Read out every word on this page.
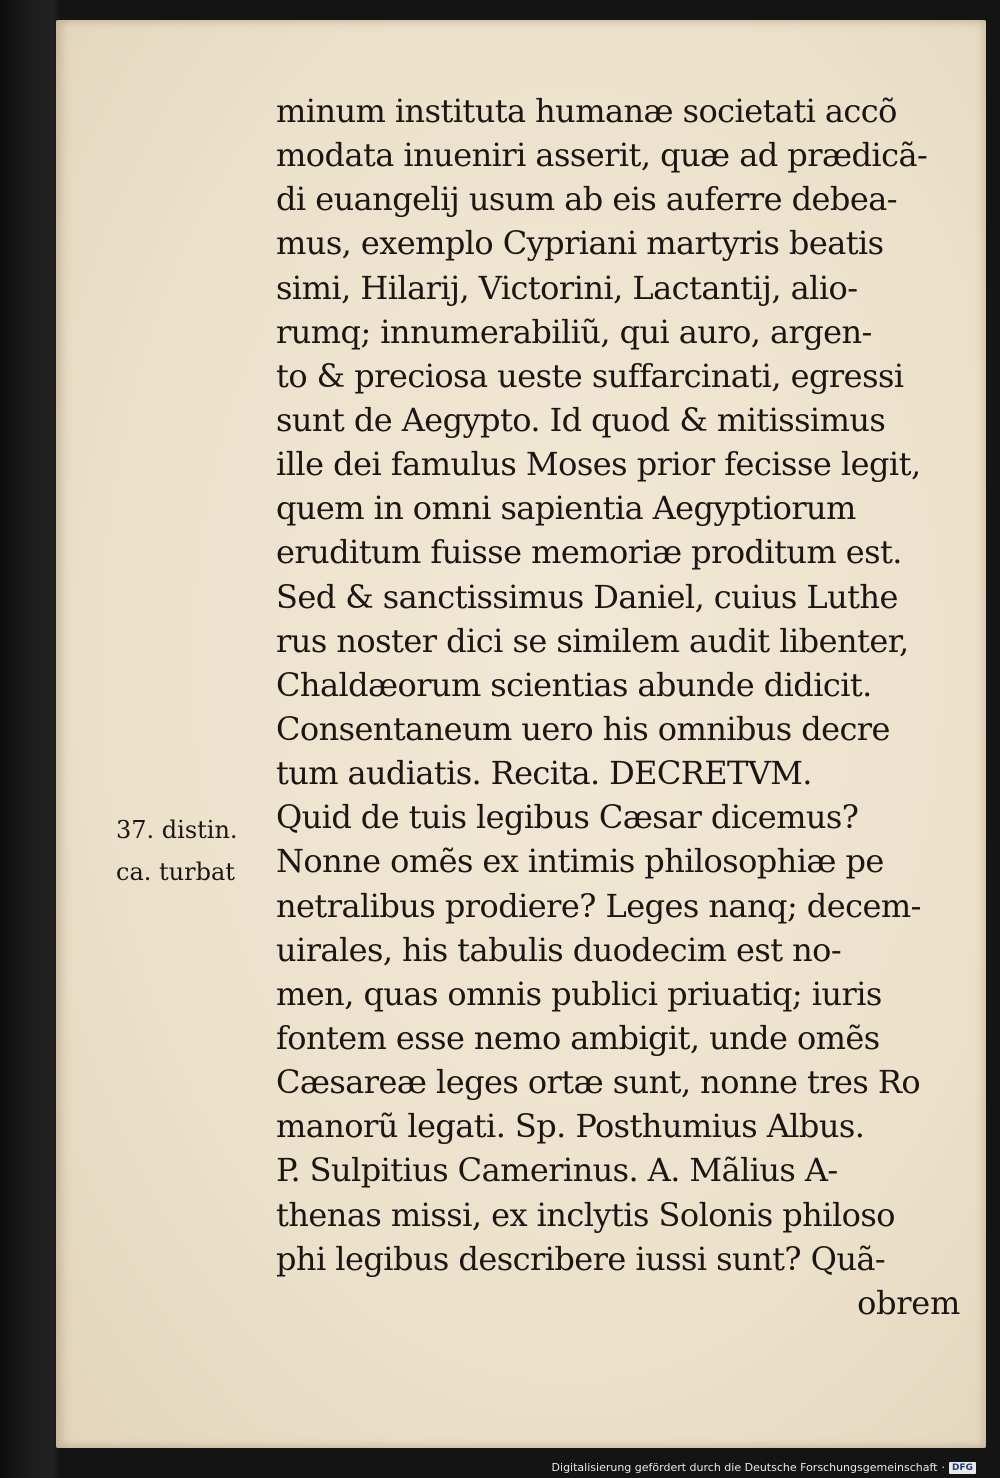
minum instituta humanæ societati accõ
modata inueniri asserit, quæ ad prædicã-
di euangelij usum ab eis auferre debea-
mus, exemplo Cypriani martyris beatis
simi, Hilarij, Victorini, Lactantij, alio-
rumq; innumerabiliũ, qui auro, argen-
to & preciosa ueste suffarcinati, egressi
sunt de Aegypto. Id quod & mitissimus
ille dei famulus Moses prior fecisse legit,
quem in omni sapientia Aegyptiorum
eruditum fuisse memoriæ proditum est.
Sed & sanctissimus Daniel, cuius Luthe
rus noster dici se similem audit libenter,
Chaldæorum scientias abunde didicit.
Consentaneum uero his omnibus decre
tum audiatis. Recita. DECRETVM.
Quid de tuis legibus Cæsar dicemus?
Nonne omẽs ex intimis philosophiæ pe
netralibus prodiere? Leges nanq; decem-
uirales, his tabulis duodecim est no-
men, quas omnis publici priuatiq; iuris
fontem esse nemo ambigit, unde omẽs
Cæsareæ leges ortæ sunt, nonne tres Ro
manorũ legati. Sp. Posthumius Albus.
P. Sulpitius Camerinus. A. Mãlius A-
thenas missi, ex inclytis Solonis philoso
phi legibus describere iussi sunt? Quã-
obrem
37. distin.
ca. turbat
Digitalisierung gefördert durch die Deutsche Forschungsgemeinschaft · DFG
